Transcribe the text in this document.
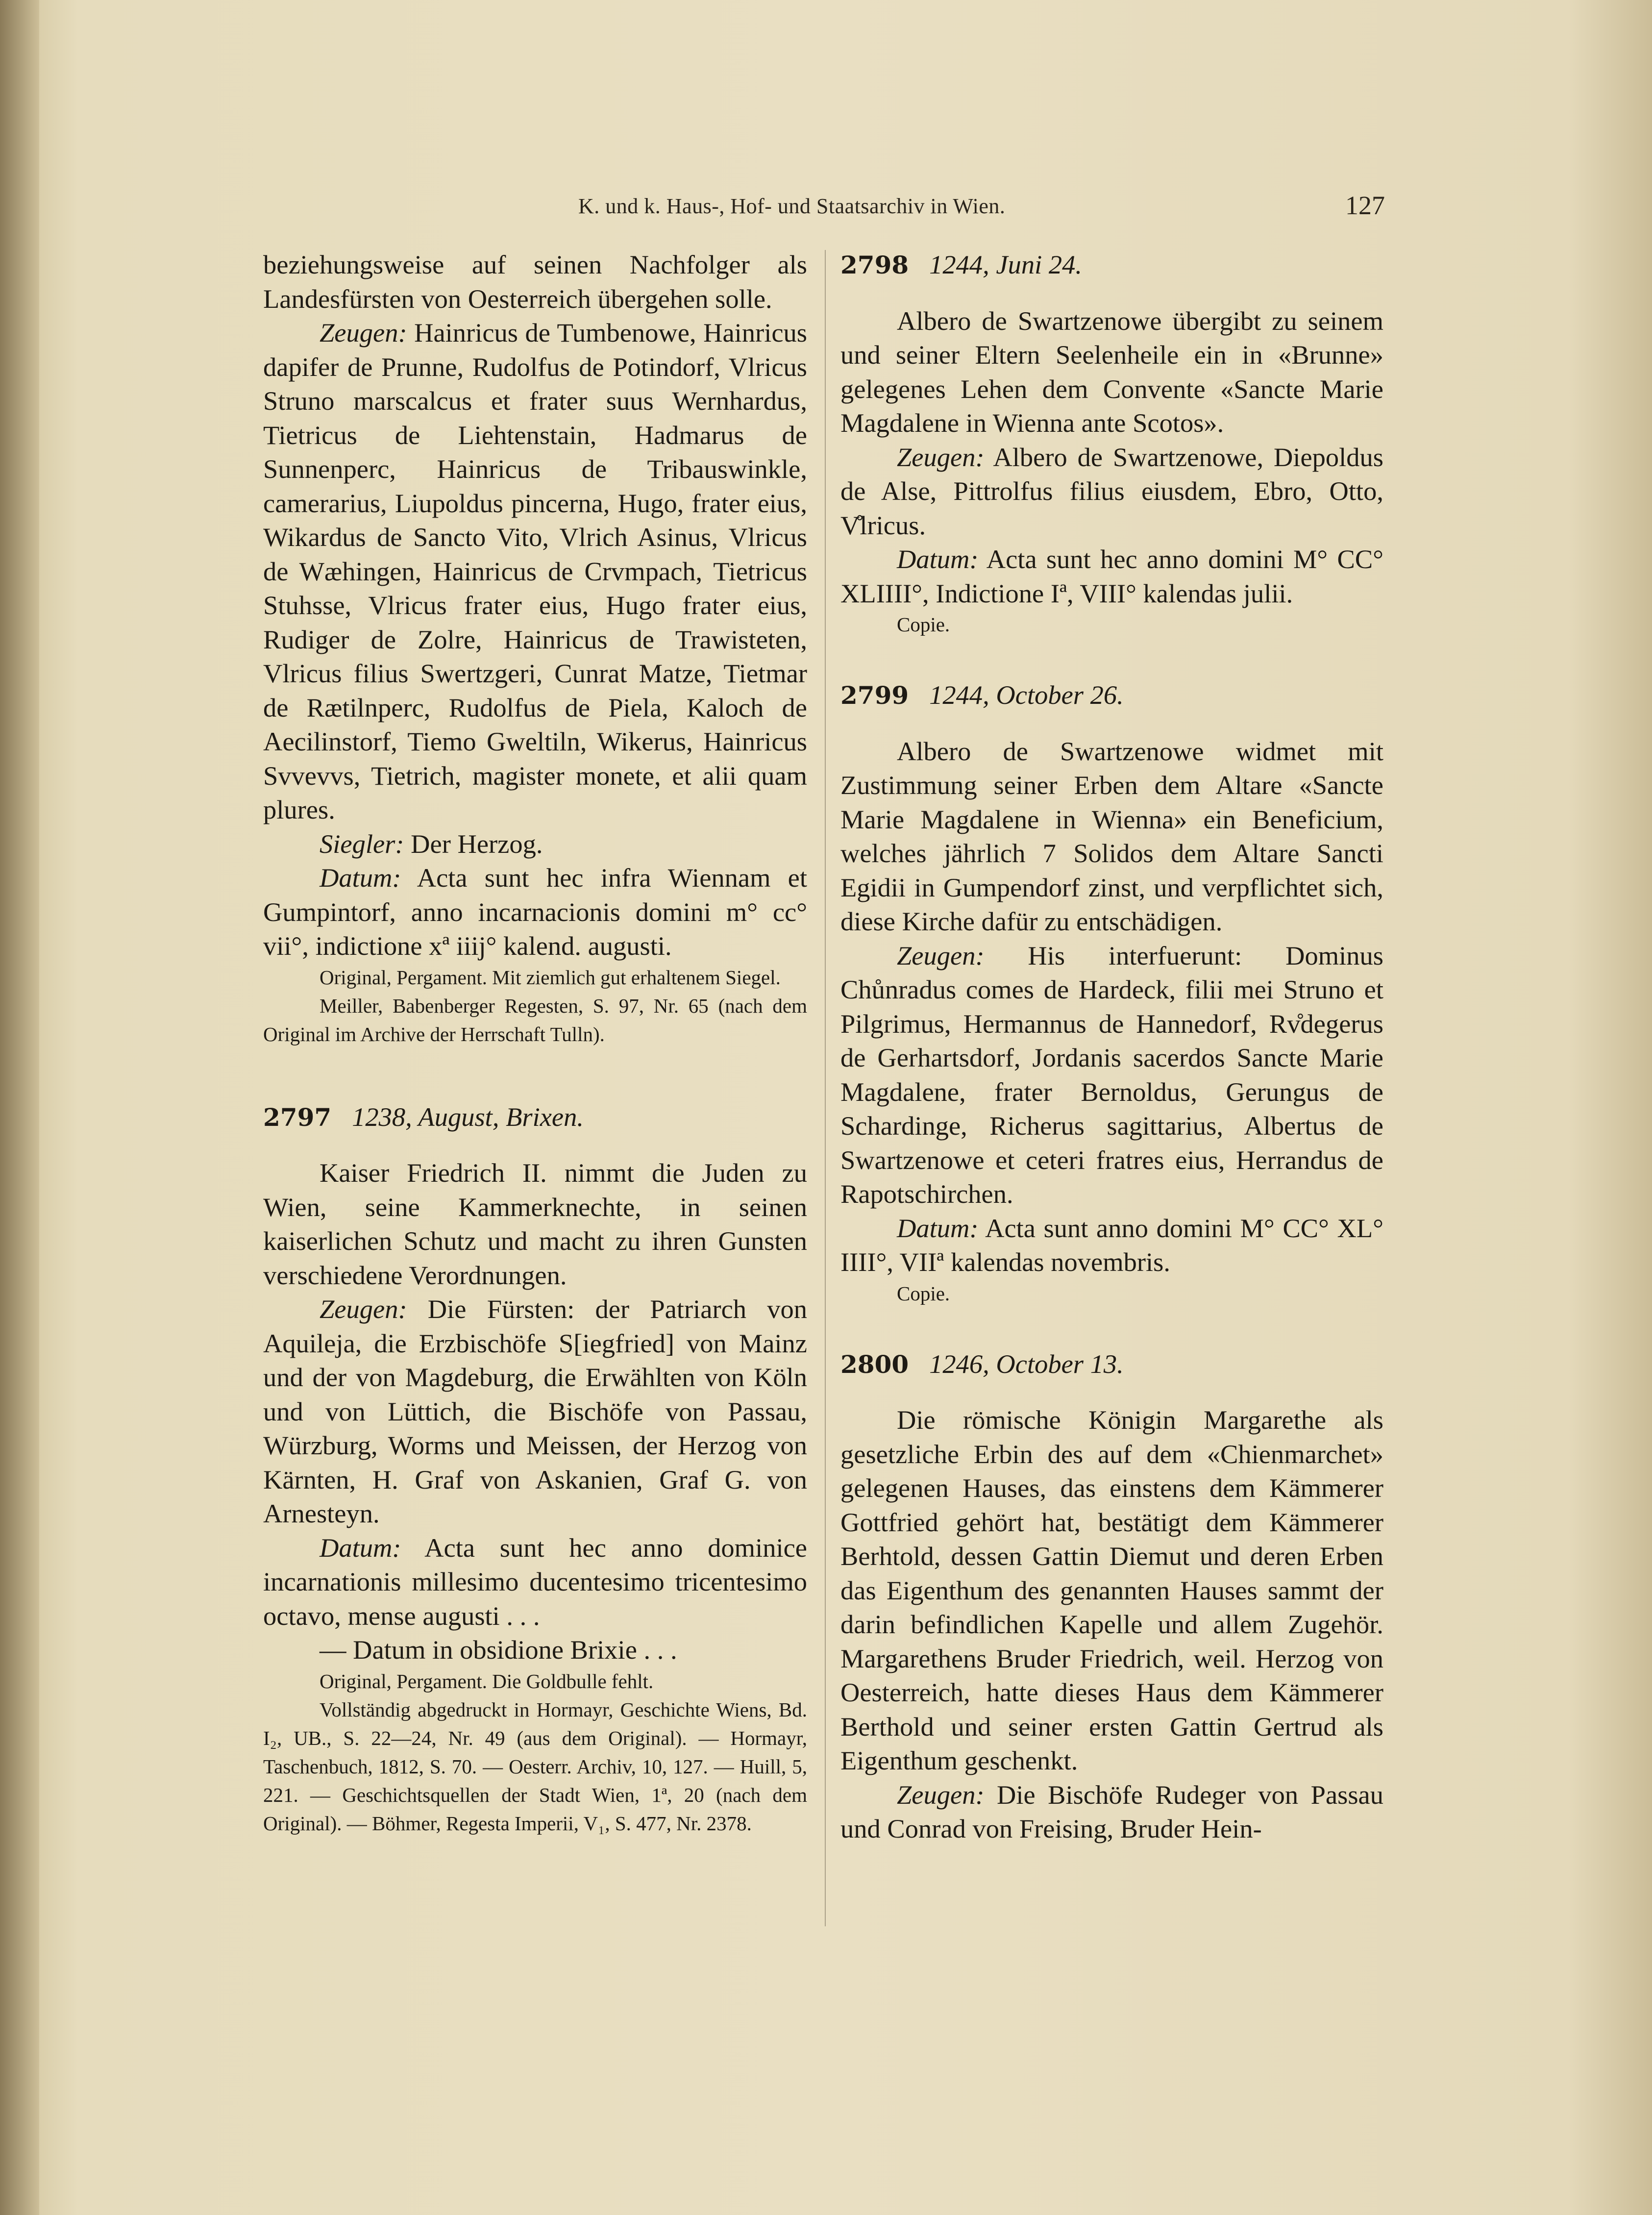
K. und k. Haus-, Hof- und Staatsarchiv in Wien.	127

beziehungsweise auf seinen Nachfolger als Landesfürsten von Oesterreich übergehen solle.

Zeugen: Hainricus de Tumbenowe, Hainricus dapifer de Prunne, Rudolfus de Potindorf, Vlricus Struno marscalcus et frater suus Wernhardus, Tietricus de Liehtenstain, Hadmarus de Sunnenperc, Hainricus de Tribauswinkle, camerarius, Liupoldus pincerna, Hugo, frater eius, Wikardus de Sancto Vito, Vlrich Asinus, Vlricus de Wæhingen, Hainricus de Crvmpach, Tietricus Stuhsse, Vlricus frater eius, Hugo frater eius, Rudiger de Zolre, Hainricus de Trawisteten, Vlricus filius Swertzgeri, Cunrat Matze, Tietmar de Rætilnperc, Rudolfus de Piela, Kaloch de Aecilinstorf, Tiemo Gweltiln, Wikerus, Hainricus Svvevvs, Tietrich, magister monete, et alii quam plures.

Siegler: Der Herzog.

Datum: Acta sunt hec infra Wiennam et Gumpintorf, anno incarnacionis domini m° cc° vii°, indictione xª iiij° kalend. augusti.

Original, Pergament. Mit ziemlich gut erhaltenem Siegel.

Meiller, Babenberger Regesten, S. 97, Nr. 65 (nach dem Original im Archive der Herrschaft Tulln).

2797 1238, August, Brixen.

Kaiser Friedrich II. nimmt die Juden zu Wien, seine Kammerknechte, in seinen kaiserlichen Schutz und macht zu ihren Gunsten verschiedene Verordnungen.

Zeugen: Die Fürsten: der Patriarch von Aquileja, die Erzbischöfe S[iegfried] von Mainz und der von Magdeburg, die Erwählten von Köln und von Lüttich, die Bischöfe von Passau, Würzburg, Worms und Meissen, der Herzog von Kärnten, H. Graf von Askanien, Graf G. von Arnesteyn.

Datum: Acta sunt hec anno dominice incarnationis millesimo ducentesimo tricentesimo octavo, mense augusti . . .

— Datum in obsidione Brixie . . .

Original, Pergament. Die Goldbulle fehlt.

Vollständig abgedruckt in Hormayr, Geschichte Wiens, Bd. I₂, UB., S. 22—24, Nr. 49 (aus dem Original). — Hormayr, Taschenbuch, 1812, S. 70. — Oesterr. Archiv, 10, 127. — Huill, 5, 221. — Geschichtsquellen der Stadt Wien, 1ª, 20 (nach dem Original). — Böhmer, Regesta Imperii, V₁, S. 477, Nr. 2378.

2798 1244, Juni 24.

Albero de Swartzenowe übergibt zu seinem und seiner Eltern Seelenheile ein in «Brunne» gelegenes Lehen dem Convente «Sancte Marie Magdalene in Wienna ante Scotos».

Zeugen: Albero de Swartzenowe, Diepoldus de Alse, Pittrolfus filius eiusdem, Ebro, Otto, V̊lricus.

Datum: Acta sunt hec anno domini M° CC° XLIIII°, Indictione Iª, VIII° kalendas julii.

Copie.

2799 1244, October 26.

Albero de Swartzenowe widmet mit Zustimmung seiner Erben dem Altare «Sancte Marie Magdalene in Wienna» ein Beneficium, welches jährlich 7 Solidos dem Altare Sancti Egidii in Gumpendorf zinst, und verpflichtet sich, diese Kirche dafür zu entschädigen.

Zeugen: His interfuerunt: Dominus Chůnradus comes de Hardeck, filii mei Struno et Pilgrimus, Hermannus de Hannedorf, Rv̊degerus de Gerhartsdorf, Jordanis sacerdos Sancte Marie Magdalene, frater Bernoldus, Gerungus de Schardinge, Richerus sagittarius, Albertus de Swartzenowe et ceteri fratres eius, Herrandus de Rapotschirchen.

Datum: Acta sunt anno domini M° CC° XL° IIII°, VIIª kalendas novembris.

Copie.

2800 1246, October 13.

Die römische Königin Margarethe als gesetzliche Erbin des auf dem «Chienmarchet» gelegenen Hauses, das einstens dem Kämmerer Gottfried gehört hat, bestätigt dem Kämmerer Berhtold, dessen Gattin Diemut und deren Erben das Eigenthum des genannten Hauses sammt der darin befindlichen Kapelle und allem Zugehör. Margarethens Bruder Friedrich, weil. Herzog von Oesterreich, hatte dieses Haus dem Kämmerer Berthold und seiner ersten Gattin Gertrud als Eigenthum geschenkt.

Zeugen: Die Bischöfe Rudeger von Passau und Conrad von Freising, Bruder Hein-
